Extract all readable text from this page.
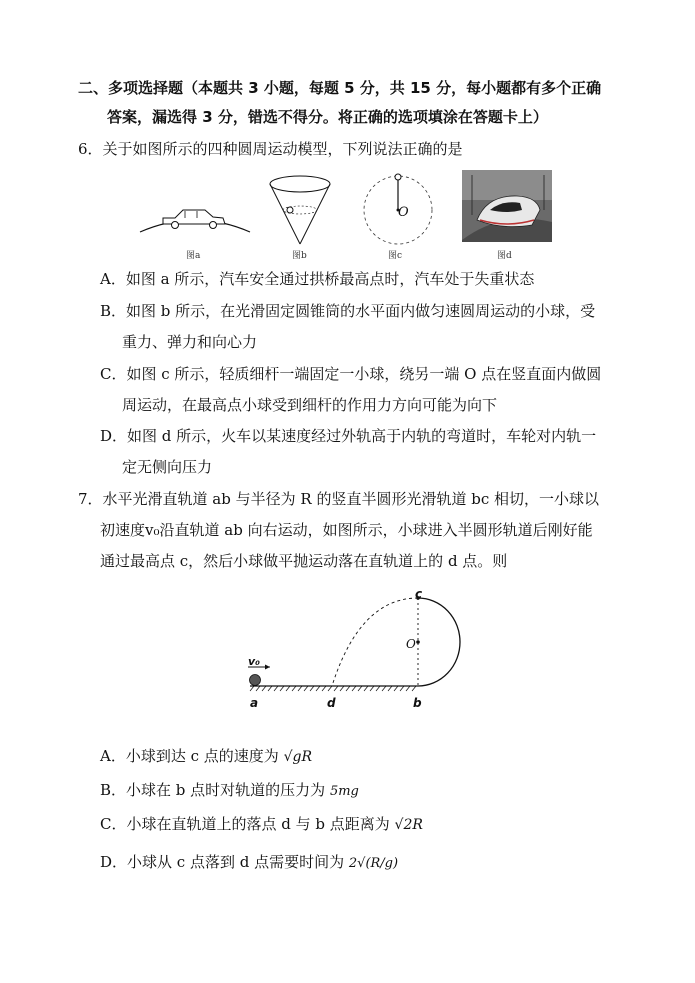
二、多项选择题（本题共 3 小题，每题 5 分，共 15 分，每小题都有多个正确
答案，漏选得 3 分，错选不得分。将正确的选项填涂在答题卡上）
6．关于如图所示的四种圆周运动模型，下列说法正确的是
图a	图b
O
图c	图d
A．如图 a 所示，汽车安全通过拱桥最高点时，汽车处于失重状态
B．如图 b 所示，在光滑固定圆锥筒的水平面内做匀速圆周运动的小球，受
重力、弹力和向心力
C．如图 c 所示，轻质细杆一端固定一小球，绕另一端 O 点在竖直面内做圆
周运动，在最高点小球受到细杆的作用力方向可能为向下
D．如图 d 所示，火车以某速度经过外轨高于内轨的弯道时，车轮对内轨一
定无侧向压力
7．水平光滑直轨道 ab 与半径为 R 的竖直半圆形光滑轨道 bc 相切，一小球以
初速度v₀沿直轨道 ab 向右运动，如图所示，小球进入半圆形轨道后刚好能
通过最高点 c，然后小球做平抛运动落在直轨道上的 d 点。则
c
O
v₀
a	d	b
A．小球到达 c 点的速度为 √gR
B．小球在 b 点时对轨道的压力为 5mg
C．小球在直轨道上的落点 d 与 b 点距离为 √2R
D．小球从 c 点落到 d 点需要时间为 2√(R/g)
